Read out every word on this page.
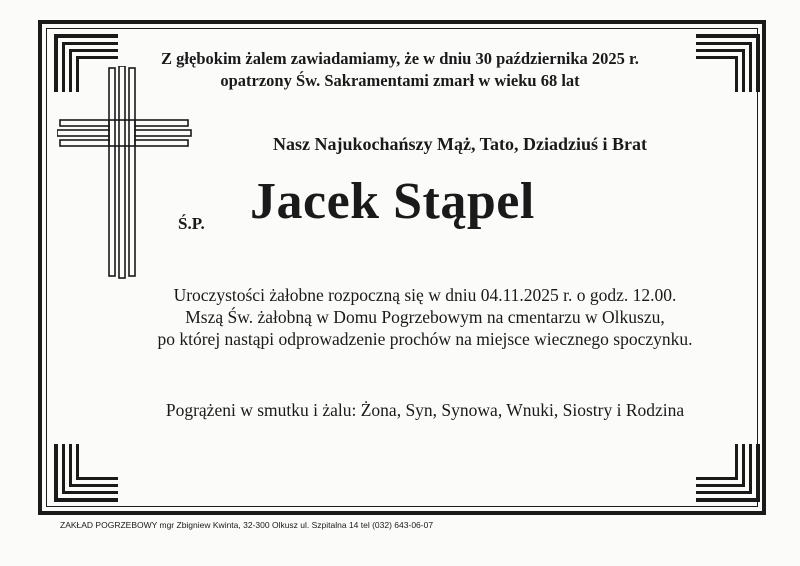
Z głębokim żalem zawiadamiamy, że w dniu 30 października 2025 r.
opatrzony Św. Sakramentami zmarł w wieku 68 lat
Nasz Najukochańszy Mąż, Tato, Dziadziuś i Brat
Ś.P. Jacek Stąpel
Uroczystości żałobne rozpoczną się w dniu 04.11.2025 r. o godz. 12.00.
Mszą Św. żałobną w Domu Pogrzebowym na cmentarzu w Olkuszu,
po której nastąpi odprowadzenie prochów na miejsce wiecznego spoczynku.
Pogrążeni w smutku i żalu: Żona, Syn, Synowa, Wnuki, Siostry i Rodzina
ZAKŁAD POGRZEBOWY mgr Zbigniew Kwinta, 32-300 Olkusz ul. Szpitalna 14 tel (032) 643-06-07
